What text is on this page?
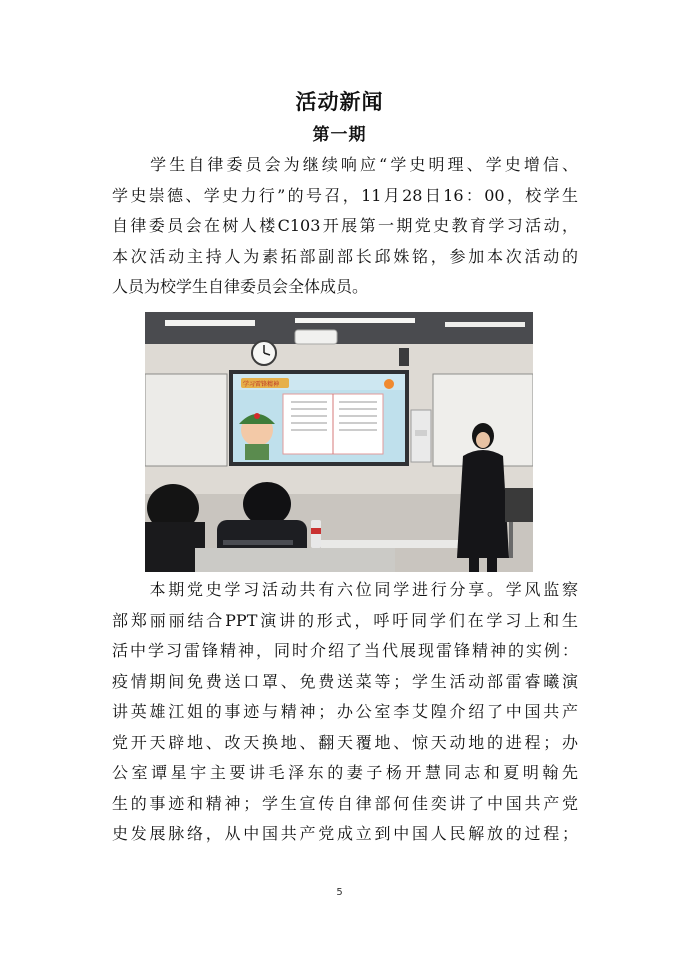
活动新闻
第一期
　　学生自律委员会为继续响应“学史明理、学史增信、
学史崇德、学史力行”的号召，11月28日16：00，校学生
自律委员会在树人楼C103开展第一期党史教育学习活动，
本次活动主持人为素拓部副部长邱姝铭，参加本次活动的
人员为校学生自律委员会全体成员。
学习雷锋精神
　　本期党史学习活动共有六位同学进行分享。学风监察
部郑丽丽结合PPT演讲的形式，呼吁同学们在学习上和生
活中学习雷锋精神，同时介绍了当代展现雷锋精神的实例：
疫情期间免费送口罩、免费送菜等；学生活动部雷睿曦演
讲英雄江姐的事迹与精神；办公室李艾隍介绍了中国共产
党开天辟地、改天换地、翻天覆地、惊天动地的进程；办
公室谭星宇主要讲毛泽东的妻子杨开慧同志和夏明翰先
生的事迹和精神；学生宣传自律部何佳奕讲了中国共产党
史发展脉络，从中国共产党成立到中国人民解放的过程；
5
